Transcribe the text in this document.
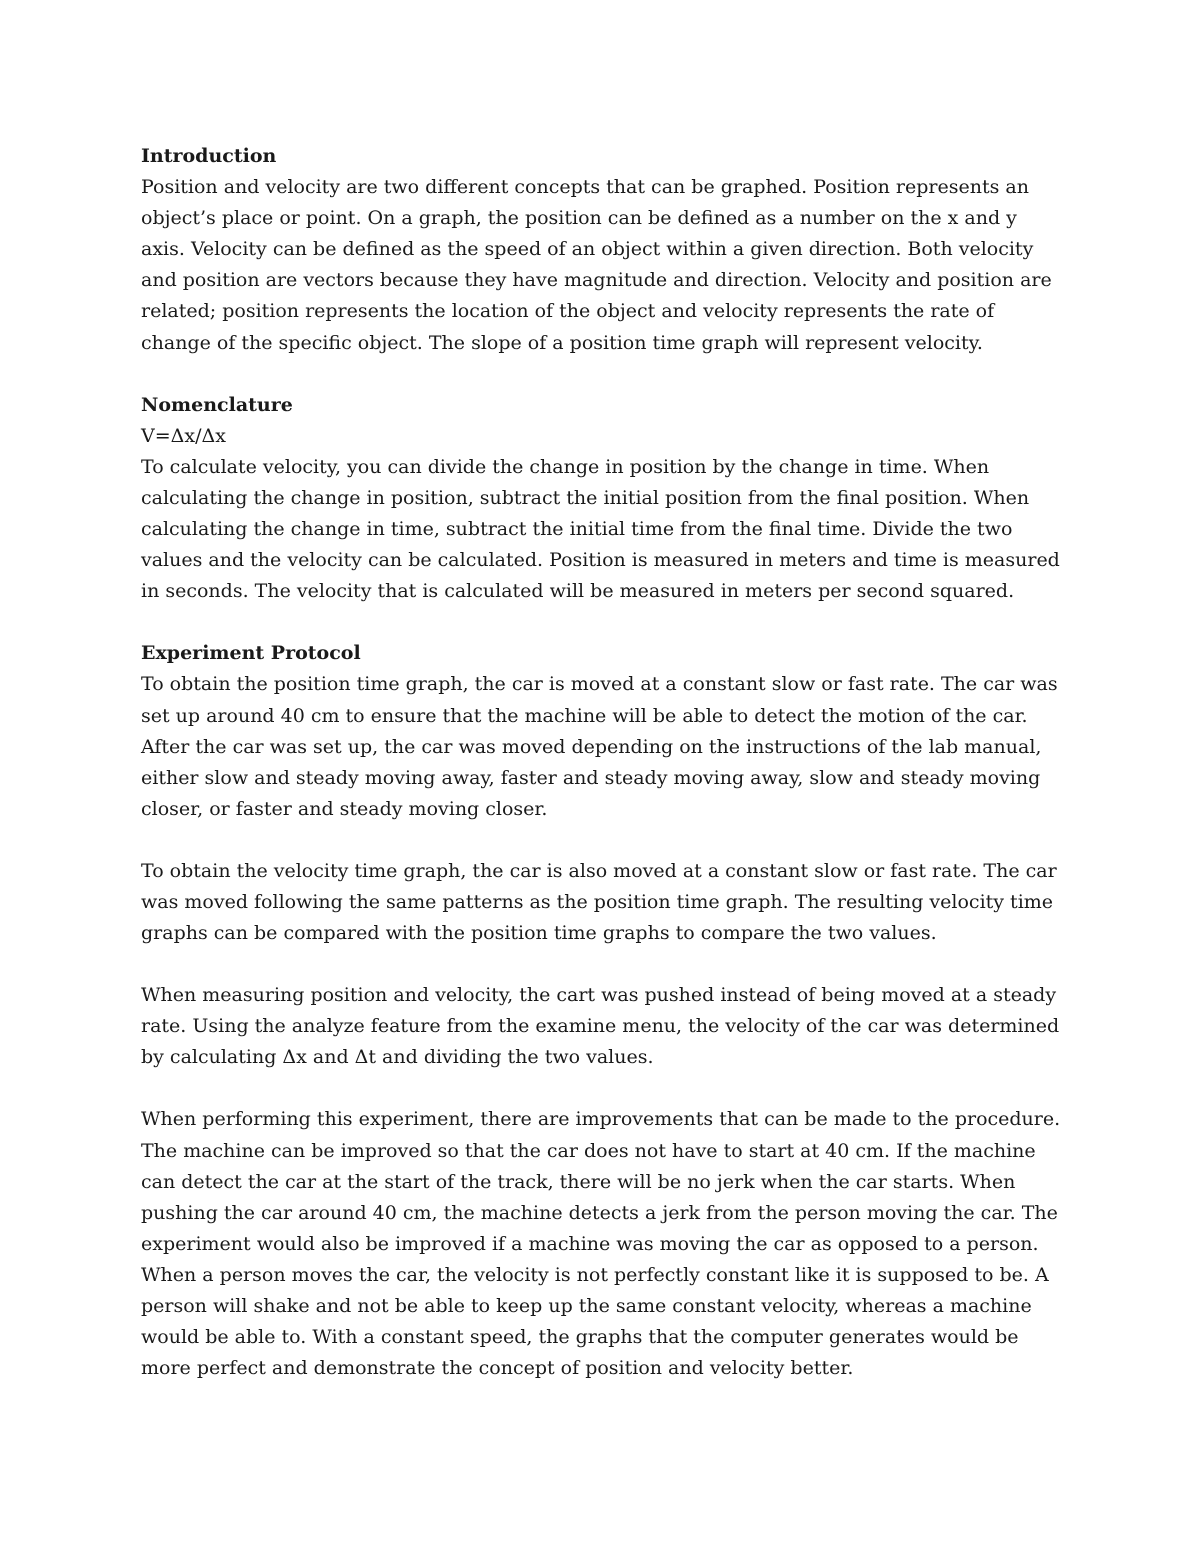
Introduction

Position and velocity are two different concepts that can be graphed. Position represents an object’s place or point. On a graph, the position can be defined as a number on the x and y axis. Velocity can be defined as the speed of an object within a given direction. Both velocity and position are vectors because they have magnitude and direction. Velocity and position are related; position represents the location of the object and velocity represents the rate of change of the specific object. The slope of a position time graph will represent velocity.

Nomenclature

V=Δx/Δx

To calculate velocity, you can divide the change in position by the change in time. When calculating the change in position, subtract the initial position from the final position. When calculating the change in time, subtract the initial time from the final time. Divide the two values and the velocity can be calculated. Position is measured in meters and time is measured in seconds. The velocity that is calculated will be measured in meters per second squared.

Experiment Protocol

To obtain the position time graph, the car is moved at a constant slow or fast rate. The car was set up around 40 cm to ensure that the machine will be able to detect the motion of the car. After the car was set up, the car was moved depending on the instructions of the lab manual, either slow and steady moving away, faster and steady moving away, slow and steady moving closer, or faster and steady moving closer.

To obtain the velocity time graph, the car is also moved at a constant slow or fast rate. The car was moved following the same patterns as the position time graph. The resulting velocity time graphs can be compared with the position time graphs to compare the two values.

When measuring position and velocity, the cart was pushed instead of being moved at a steady rate. Using the analyze feature from the examine menu, the velocity of the car was determined by calculating Δx and Δt and dividing the two values.

When performing this experiment, there are improvements that can be made to the procedure. The machine can be improved so that the car does not have to start at 40 cm. If the machine can detect the car at the start of the track, there will be no jerk when the car starts. When pushing the car around 40 cm, the machine detects a jerk from the person moving the car. The experiment would also be improved if a machine was moving the car as opposed to a person. When a person moves the car, the velocity is not perfectly constant like it is supposed to be. A person will shake and not be able to keep up the same constant velocity, whereas a machine would be able to. With a constant speed, the graphs that the computer generates would be more perfect and demonstrate the concept of position and velocity better.
